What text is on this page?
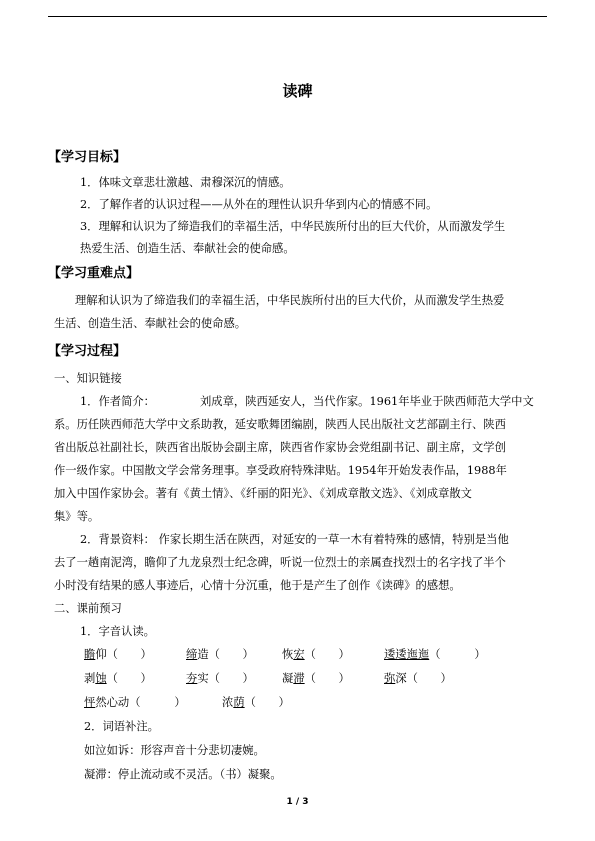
读碑
【学习目标】
1．体味文章悲壮激越、肃穆深沉的情感。
2．了解作者的认识过程——从外在的理性认识升华到内心的情感不同。
3．理解和认识为了缔造我们的幸福生活，中华民族所付出的巨大代价，从而激发学生
热爱生活、创造生活、奉献社会的使命感。
【学习重难点】
理解和认识为了缔造我们的幸福生活，中华民族所付出的巨大代价，从而激发学生热爱
生活、创造生活、奉献社会的使命感。
【学习过程】
一、知识链接
1．作者简介：	刘成章，陕西延安人，当代作家。1961年毕业于陕西师范大学中文
系。历任陕西师范大学中文系助教，延安歌舞团编剧，陕西人民出版社文艺部副主行、陕西
省出版总社副社长，陕西省出版协会副主席，陕西省作家协会党组副书记、副主席，文学创
作一级作家。中国散文学会常务理事。享受政府特殊津贴。1954年开始发表作品，1988年
加入中国作家协会。著有《黄土情》、《纤丽的阳光》、《刘成章散文选》、《刘成章散文
集》等。
2．背景资料： 作家长期生活在陕西，对延安的一草一木有着特殊的感情，特别是当他
去了一趟南泥湾，瞻仰了九龙泉烈士纪念碑，听说一位烈士的亲属查找烈士的名字找了半个
小时没有结果的感人事迹后，心情十分沉重，他于是产生了创作《读碑》的感想。
二、课前预习
1．字音认读。
瞻仰（　　）	缔造（　　） 恢宏（　　）	逶逶迤迤（　　　）
剥蚀（　　）	夯实（　　） 凝滞（　　）	弥深（　　）
怦然心动（　　　）	浓荫（　　）
2．词语补注。
如泣如诉：形容声音十分悲切凄婉。
凝滞：停止流动或不灵活。（书）凝聚。
1 / 3
